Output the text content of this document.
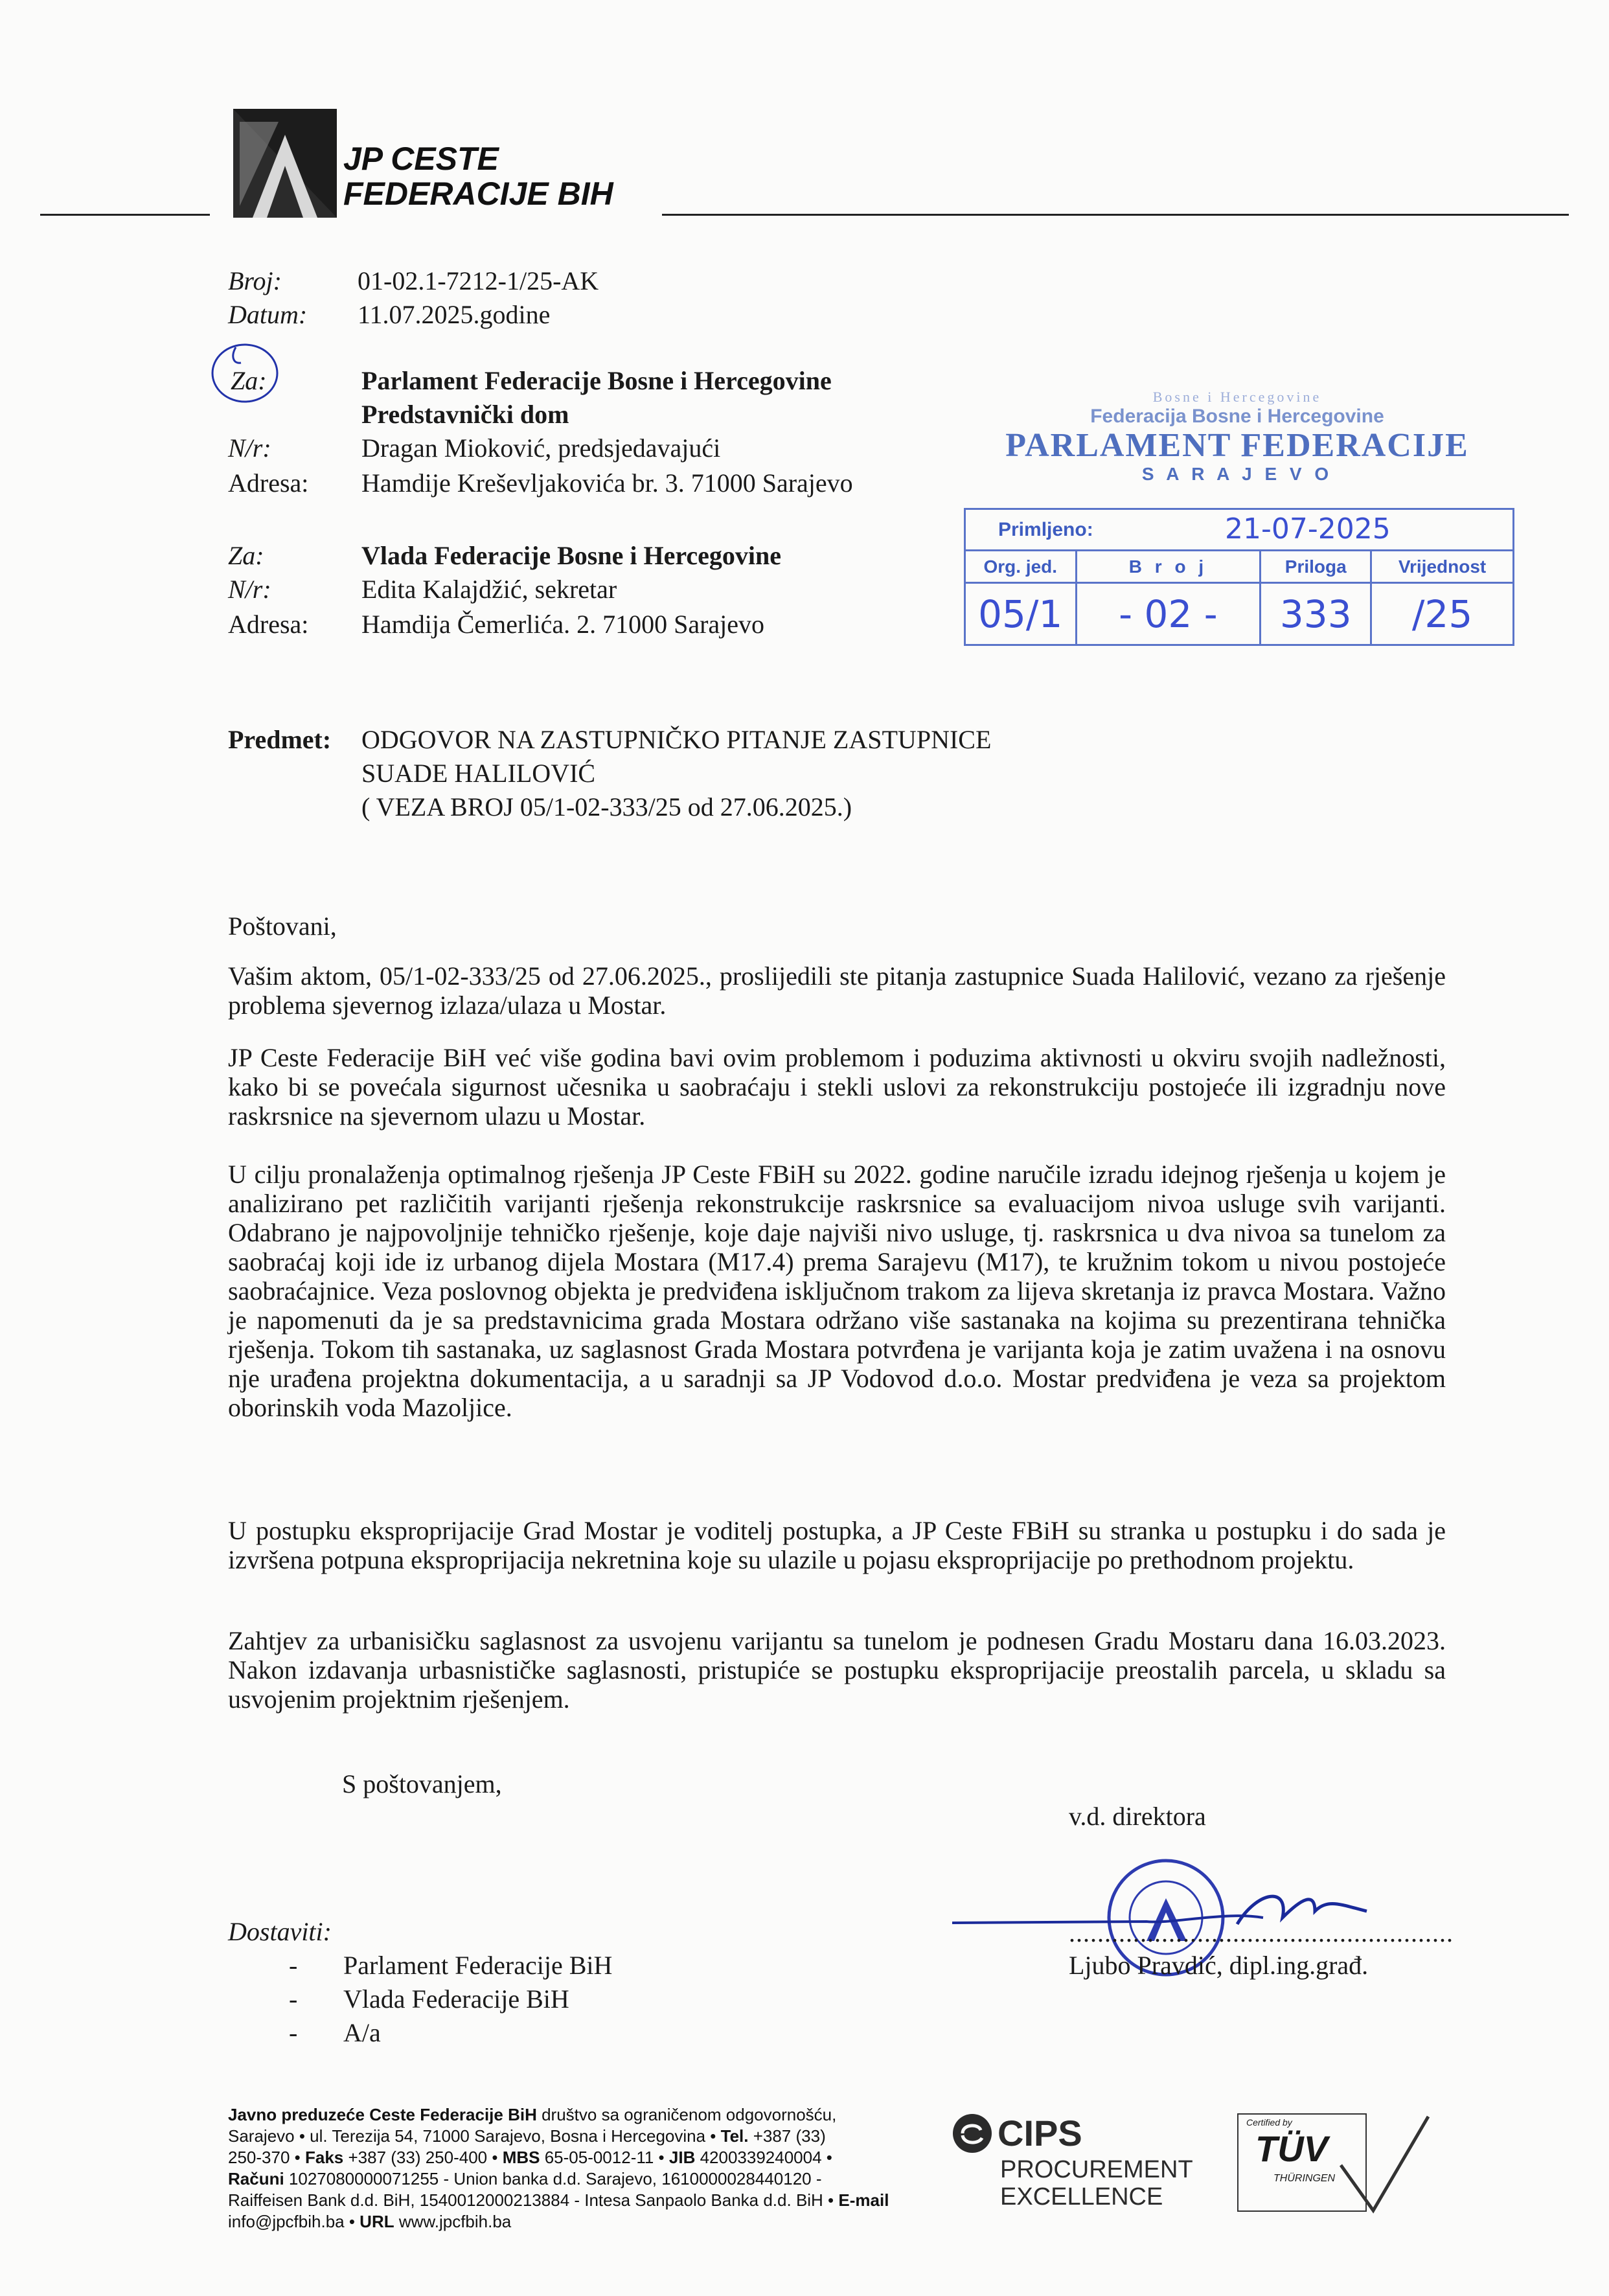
JP CESTE
FEDERACIJE BIH
Broj:	01-02.1-7212-1/25-AK
Datum: 11.07.2025.godine
Za:	Parlament Federacije Bosne i Hercegovine
Predstavnički dom
N/r:	Dragan Mioković, predsjedavajući
Adresa: Hamdije Kreševljakovića br. 3. 71000 Sarajevo
Za:	Vlada Federacije Bosne i Hercegovine
N/r:	Edita Kalajdžić, sekretar
Adresa: Hamdija Čemerlića. 2. 71000 Sarajevo
Bosne i Hercegovine
Federacija Bosne i Hercegovine
PARLAMENT FEDERACIJE
S A R A J E V O
Primljeno: 21-07-2025			

Org. jed.	B r o j	Priloga	Vrijednost
05/1	- 02 -	333	/25
Predmet: ODGOVOR NA ZASTUPNIČKO PITANJE ZASTUPNICE
SUADE HALILOVIĆ
( VEZA BROJ 05/1-02-333/25 od 27.06.2025.)
Poštovani,
Vašim aktom, 05/1-02-333/25 od 27.06.2025., proslijedili ste pitanja zastupnice Suada Halilović, vezano za rješenje problema sjevernog izlaza/ulaza u Mostar.
JP Ceste Federacije BiH već više godina bavi ovim problemom i poduzima aktivnosti u okviru svojih nadležnosti, kako bi se povećala sigurnost učesnika u saobraćaju i stekli uslovi za rekonstrukciju postojeće ili izgradnju nove raskrsnice na sjevernom ulazu u Mostar.
U cilju pronalaženja optimalnog rješenja JP Ceste FBiH su 2022. godine naručile izradu idejnog rješenja u kojem je analizirano pet različitih varijanti rješenja rekonstrukcije raskrsnice sa evaluacijom nivoa usluge svih varijanti. Odabrano je najpovoljnije tehničko rješenje, koje daje najviši nivo usluge, tj. raskrsnica u dva nivoa sa tunelom za saobraćaj koji ide iz urbanog dijela Mostara (M17.4) prema Sarajevu (M17), te kružnim tokom u nivou postojeće saobraćajnice. Veza poslovnog objekta je predviđena isključnom trakom za lijeva skretanja iz pravca Mostara. Važno je napomenuti da je sa predstavnicima grada Mostara održano više sastanaka na kojima su prezentirana tehnička rješenja. Tokom tih sastanaka, uz saglasnost Grada Mostara potvrđena je varijanta koja je zatim uvažena i na osnovu nje urađena projektna dokumentacija, a u saradnji sa JP Vodovod d.o.o. Mostar predviđena je veza sa projektom oborinskih voda Mazoljice.
U postupku eksproprijacije Grad Mostar je voditelj postupka, a JP Ceste FBiH su stranka u postupku i do sada je izvršena potpuna eksproprijacija nekretnina koje su ulazile u pojasu eksproprijacije po prethodnom projektu.
Zahtjev za urbanisičku saglasnost za usvojenu varijantu sa tunelom je podnesen Gradu Mostaru dana 16.03.2023. Nakon izdavanja urbasnističke saglasnosti, pristupiće se postupku eksproprijacije preostalih parcela, u skladu sa usvojenim projektnim rješenjem.
S poštovanjem,
v.d. direktora
......................................................
Ljubo Pravdić, dipl.ing.građ.
Dostaviti:
- Parlament Federacije BiH
- Vlada Federacije BiH
- A/a
Javno preduzeće Ceste Federacije BiH društvo sa ograničenom odgovornošću,
Sarajevo • ul. Terezija 54, 71000 Sarajevo, Bosna i Hercegovina • Tel. +387 (33)
250-370 • Faks +387 (33) 250-400 • MBS 65-05-0012-11 • JIB 4200339240004 •
Računi 1027080000071255 - Union banka d.d. Sarajevo, 1610000028440120 -
Raiffeisen Bank d.d. BiH, 1540012000213884 - Intesa Sanpaolo Banka d.d. BiH • E-mail
info@jpcfbih.ba • URL www.jpcfbih.ba
CIPS
PROCUREMENT
EXCELLENCE
Certified by
TÜV
THÜRINGEN
